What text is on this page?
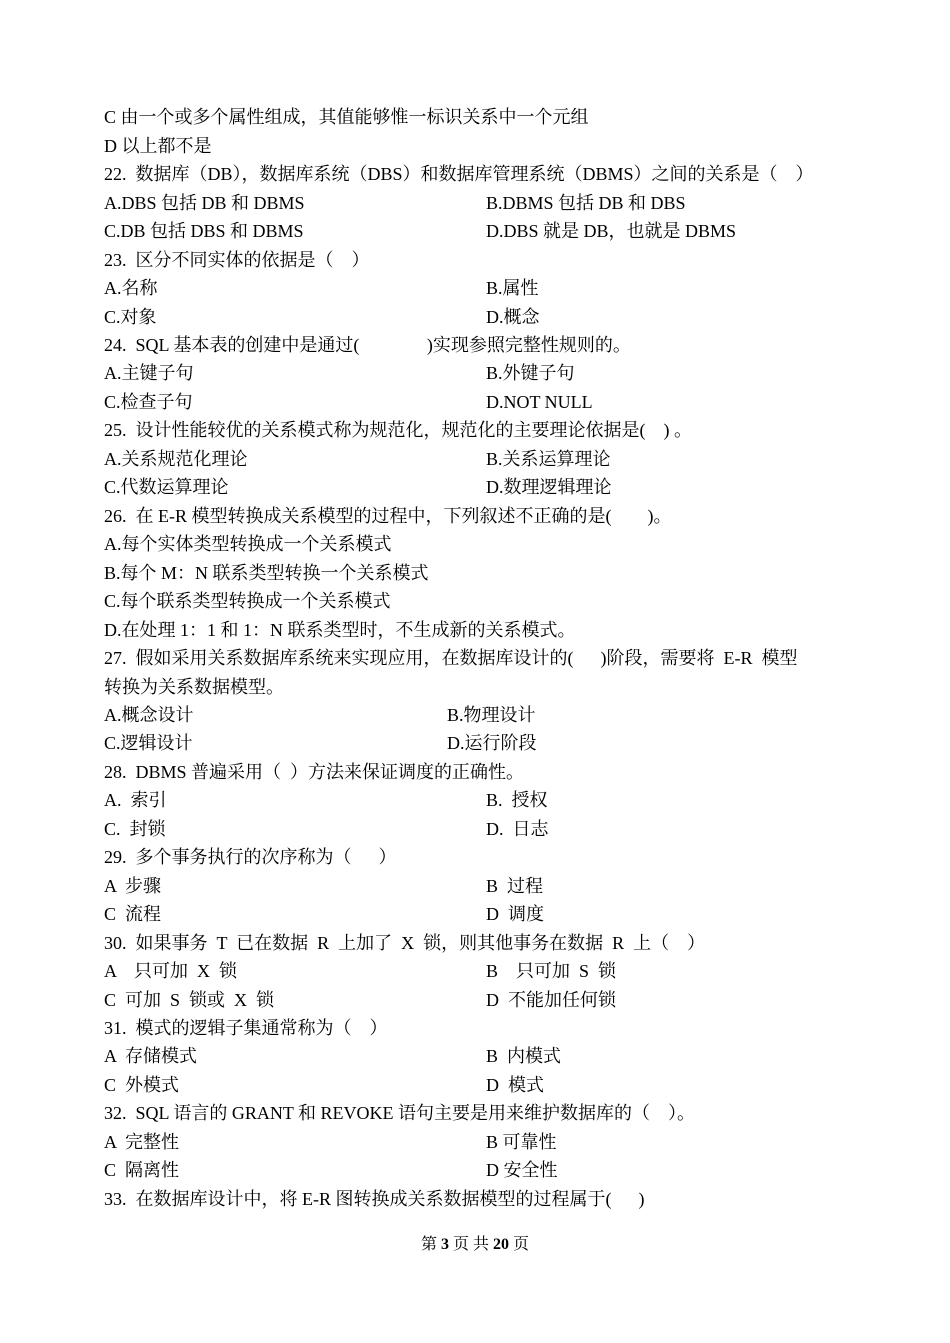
C 由一个或多个属性组成，其值能够惟一标识关系中一个元组
D 以上都不是
22.  数据库（DB），数据库系统（DBS）和数据库管理系统（DBMS）之间的关系是（    ）
A.DBS 包括 DB 和 DBMS	B.DBMS 包括 DB 和 DBS
C.DB 包括 DBS 和 DBMS	D.DBS 就是 DB，也就是 DBMS
23.  区分不同实体的依据是（    ）
A.名称	B.属性
C.对象	D.概念
24.  SQL 基本表的创建中是通过(               )实现参照完整性规则的。
A.主键子句	B.外键子句
C.检查子句	D.NOT NULL
25.  设计性能较优的关系模式称为规范化，规范化的主要理论依据是(    ) 。
A.关系规范化理论	B.关系运算理论
C.代数运算理论	D.数理逻辑理论
26.  在 E-R 模型转换成关系模型的过程中，下列叙述不正确的是(        )。
A.每个实体类型转换成一个关系模式
B.每个 M：N 联系类型转换一个关系模式
C.每个联系类型转换成一个关系模式
D.在处理 1：1 和 1：N 联系类型时，不生成新的关系模式。
27.  假如采用关系数据库系统来实现应用，在数据库设计的(      )阶段，需要将  E-R  模型
转换为关系数据模型。
A.概念设计	B.物理设计
C.逻辑设计	D.运行阶段
28.  DBMS 普遍采用（  ）方法来保证调度的正确性。
A.  索引	B.  授权
C.  封锁	D.  日志
29.  多个事务执行的次序称为（      ）
A  步骤	B  过程
C  流程	D  调度
30.  如果事务  T  已在数据  R  上加了  X  锁，则其他事务在数据  R  上（    ）
A    只可加  X  锁	B    只可加  S  锁
C  可加  S  锁或  X  锁	D  不能加任何锁
31.  模式的逻辑子集通常称为（    ）
A  存储模式	B  内模式
C  外模式	D  模式
32.  SQL 语言的 GRANT 和 REVOKE 语句主要是用来维护数据库的（    ）。
A  完整性	B 可靠性
C  隔离性	D 安全性
33.  在数据库设计中，将 E-R 图转换成关系数据模型的过程属于(      )
第 3 页 共 20 页
